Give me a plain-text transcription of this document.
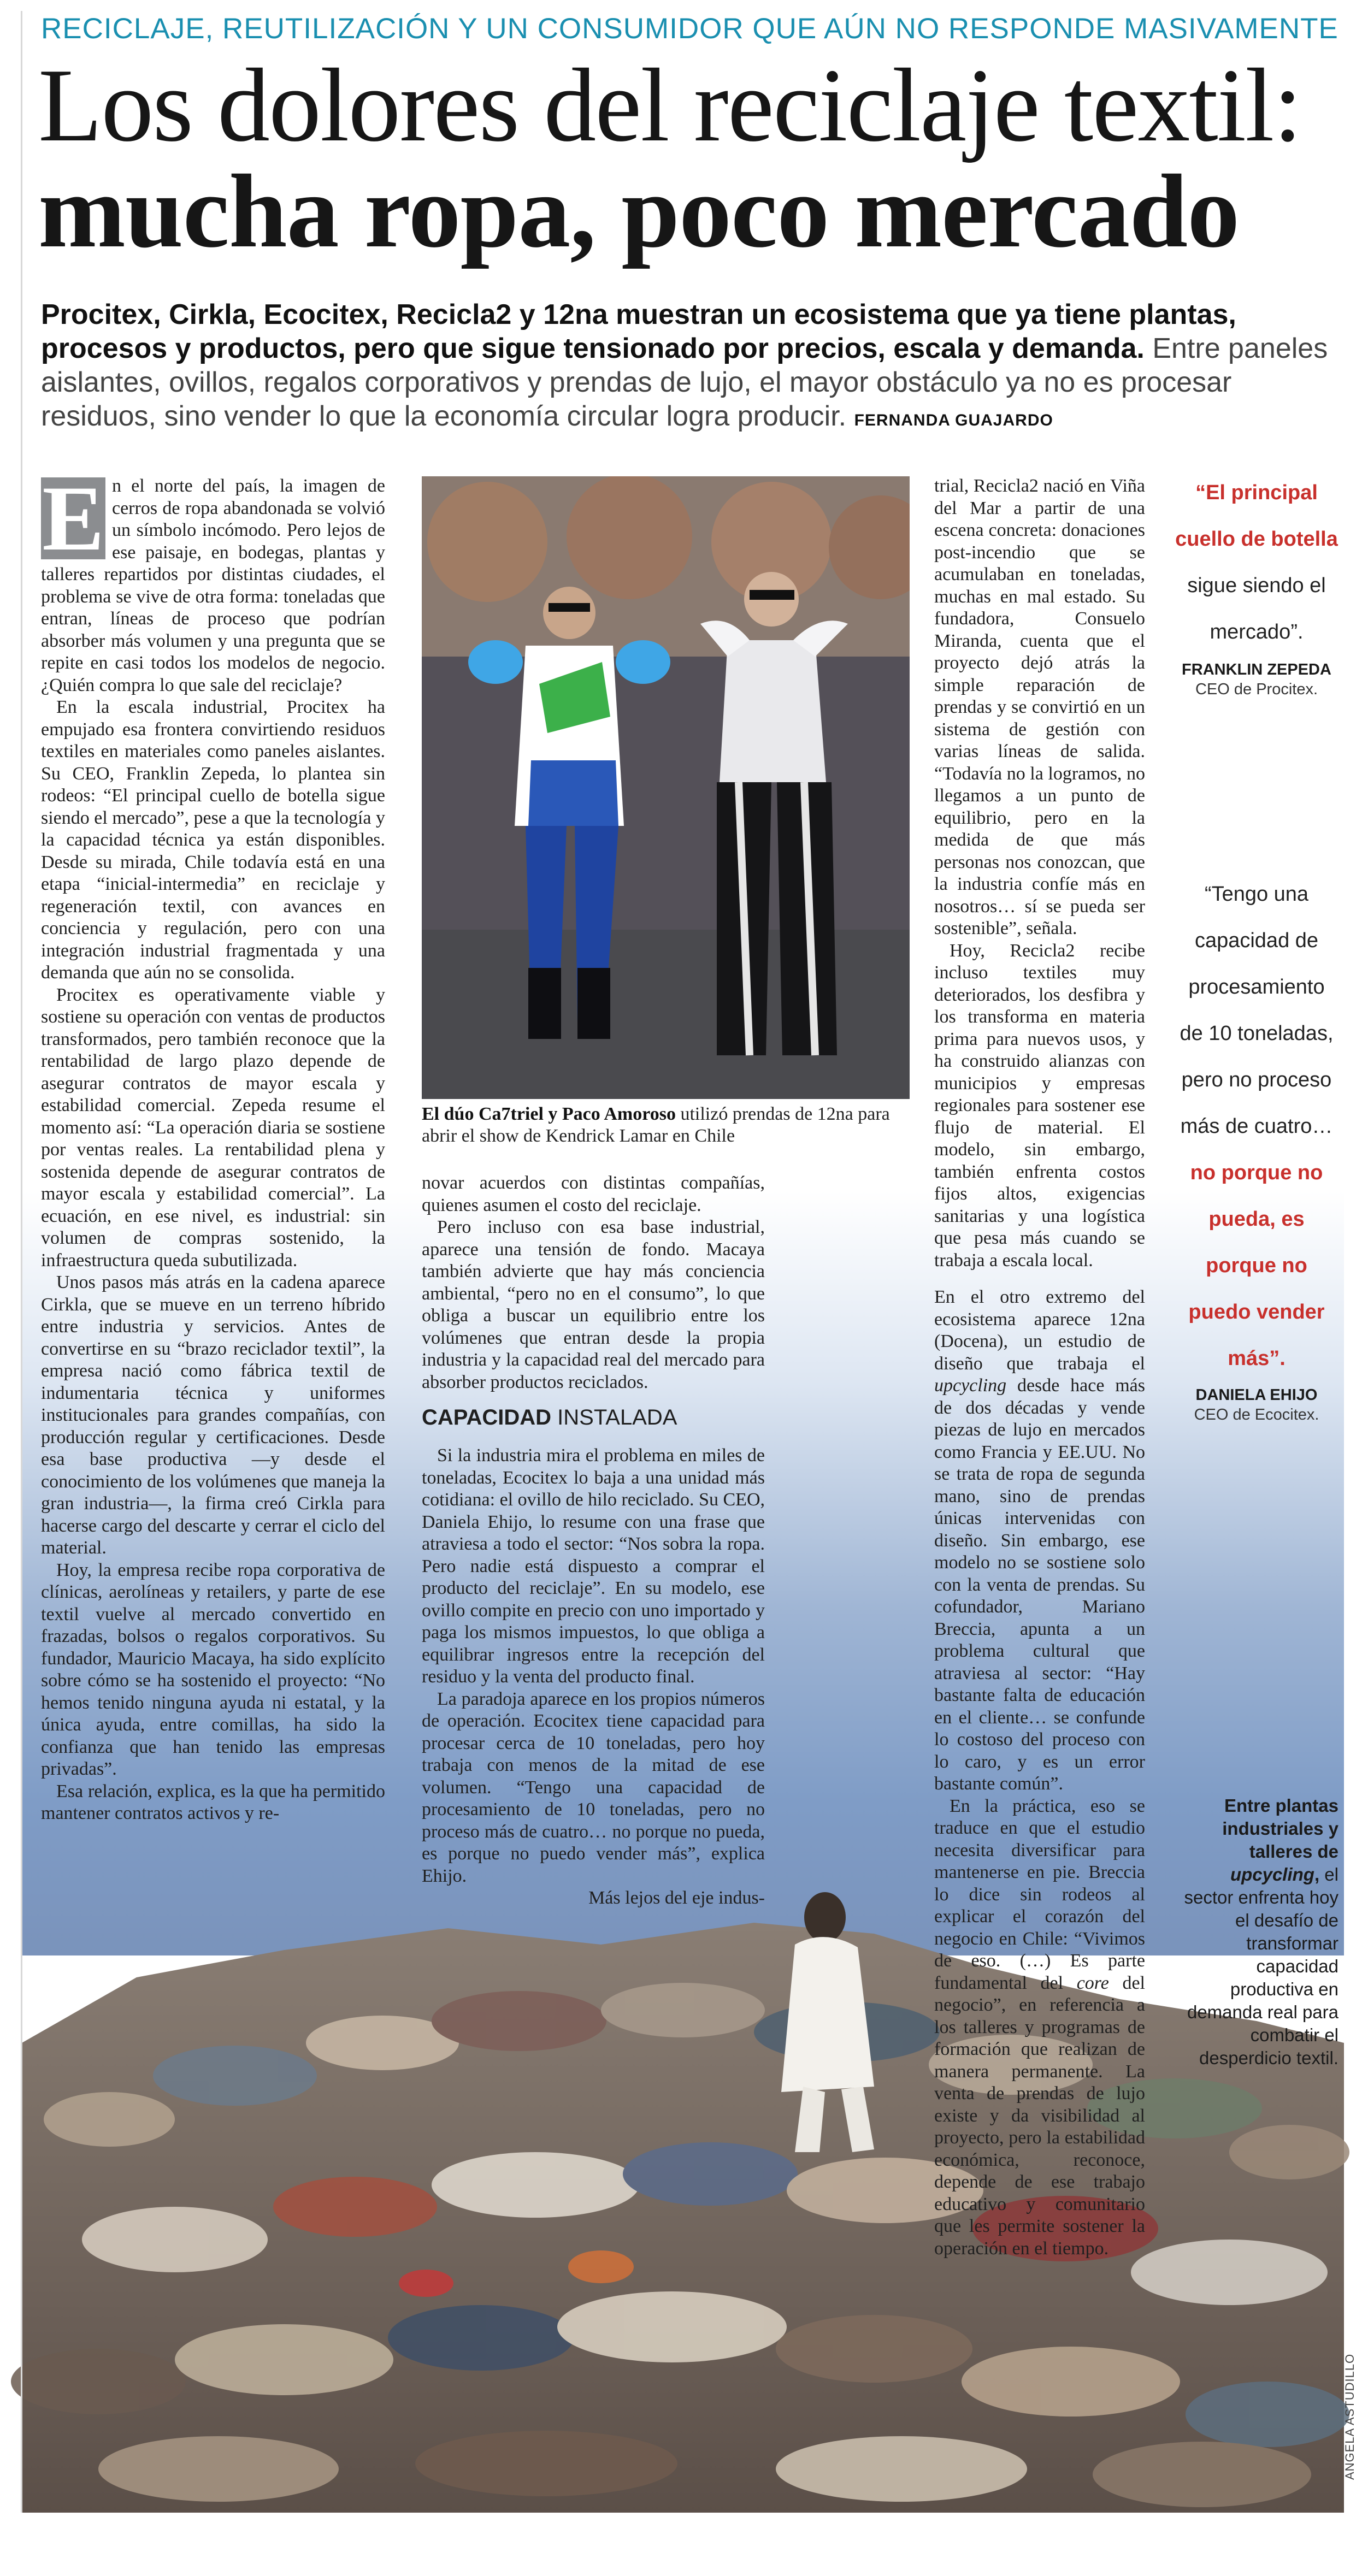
RECICLAJE, REUTILIZACIÓN Y UN CONSUMIDOR QUE AÚN NO RESPONDE MASIVAMENTE
Los dolores del reciclaje textil:
mucha ropa, poco mercado
Procitex, Cirkla, Ecocitex, Recicla2 y 12na muestran un ecosistema que ya tiene plantas, procesos y productos, pero que sigue tensionado por precios, escala y demanda. Entre paneles aislantes, ovillos, regalos corporativos y prendas de lujo, el mayor obstáculo ya no es procesar residuos, sino vender lo que la economía circular logra producir. FERNANDA GUAJARDO

E n el norte del país, la imagen de cerros de ropa abandonada se volvió un símbolo incómodo. Pero lejos de ese paisaje, en bodegas, plantas y talleres repartidos por distintas ciudades, el problema se vive de otra forma: toneladas que entran, líneas de proceso que podrían absorber más volumen y una pregunta que se repite en casi todos los modelos de negocio. ¿Quién compra lo que sale del reciclaje?

En la escala industrial, Procitex ha empujado esa frontera convirtiendo residuos textiles en materiales como paneles aislantes. Su CEO, Franklin Zepeda, lo plantea sin rodeos: “El principal cuello de botella sigue siendo el mercado”, pese a que la tecnología y la capacidad técnica ya están disponibles. Desde su mirada, Chile todavía está en una etapa “inicial-intermedia” en reciclaje y regeneración textil, con avances en conciencia y regulación, pero con una integración industrial fragmentada y una demanda que aún no se consolida.

Procitex es operativamente viable y sostiene su operación con ventas de productos transformados, pero también reconoce que la rentabilidad de largo plazo depende de asegurar contratos de mayor escala y estabilidad comercial. Zepeda resume el momento así: “La operación diaria se sostiene por ventas reales. La rentabilidad plena y sostenida depende de asegurar contratos de mayor escala y estabilidad comercial”. La ecuación, en ese nivel, es industrial: sin volumen de compras sostenido, la infraestructura queda subutilizada.

Unos pasos más atrás en la cadena aparece Cirkla, que se mueve en un terreno híbrido entre industria y servicios. Antes de convertirse en su “brazo reciclador textil”, la empresa nació como fábrica textil de indumentaria técnica y uniformes institucionales para grandes compañías, con producción regular y certificaciones. Desde esa base productiva —y desde el conocimiento de los volúmenes que maneja la gran industria—, la firma creó Cirkla para hacerse cargo del descarte y cerrar el ciclo del material.

Hoy, la empresa recibe ropa corporativa de clínicas, aerolíneas y retailers, y parte de ese textil vuelve al mercado convertido en frazadas, bolsos o regalos corporativos. Su fundador, Mauricio Macaya, ha sido explícito sobre cómo se ha sostenido el proyecto: “No hemos tenido ninguna ayuda ni estatal, y la única ayuda, entre comillas, ha sido la confianza que han tenido las empresas privadas”.

Esa relación, explica, es la que ha permitido mantener contratos activos y re-

El dúo Ca7triel y Paco Amoroso utilizó prendas de 12na para abrir el show de Kendrick Lamar en Chile

novar acuerdos con distintas compañías, quienes asumen el costo del reciclaje.

Pero incluso con esa base industrial, aparece una tensión de fondo. Macaya también advierte que hay más conciencia ambiental, “pero no en el consumo”, lo que obliga a buscar un equilibrio entre los volúmenes que entran desde la propia industria y la capacidad real del mercado para absorber productos reciclados.

CAPACIDAD INSTALADA

Si la industria mira el problema en miles de toneladas, Ecocitex lo baja a una unidad más cotidiana: el ovillo de hilo reciclado. Su CEO, Daniela Ehijo, lo resume con una frase que atraviesa a todo el sector: “Nos sobra la ropa. Pero nadie está dispuesto a comprar el producto del reciclaje”. En su modelo, ese ovillo compite en precio con uno importado y paga los mismos impuestos, lo que obliga a equilibrar ingresos entre la recepción del residuo y la venta del producto final.

La paradoja aparece en los propios números de operación. Ecocitex tiene capacidad para procesar cerca de 10 toneladas, pero hoy trabaja con menos de la mitad de ese volumen. “Tengo una capacidad de procesamiento de 10 toneladas, pero no proceso más de cuatro… no porque no pueda, es porque no puedo vender más”, explica Ehijo.

Más lejos del eje indus-

trial, Recicla2 nació en Viña del Mar a partir de una escena concreta: donaciones post-incendio que se acumulaban en toneladas, muchas en mal estado. Su fundadora, Consuelo Miranda, cuenta que el proyecto dejó atrás la simple reparación de prendas y se convirtió en un sistema de gestión con varias líneas de salida. “Todavía no la logramos, no llegamos a un punto de equilibrio, pero en la medida de que más personas nos conozcan, que la industria confíe más en nosotros… sí se pueda ser sostenible”, señala.

Hoy, Recicla2 recibe incluso textiles muy deteriorados, los desfibra y los transforma en materia prima para nuevos usos, y ha construido alianzas con municipios y empresas regionales para sostener ese flujo de material. El modelo, sin embargo, también enfrenta costos fijos altos, exigencias sanitarias y una logística que pesa más cuando se trabaja a escala local.

En el otro extremo del ecosistema aparece 12na (Docena), un estudio de diseño que trabaja el upcycling desde hace más de dos décadas y vende piezas de lujo en mercados como Francia y EE.UU. No se trata de ropa de segunda mano, sino de prendas únicas intervenidas con diseño. Sin embargo, ese modelo no se sostiene solo con la venta de prendas. Su cofundador, Mariano Breccia, apunta a un problema cultural que atraviesa al sector: “Hay bastante falta de educación en el cliente… se confunde lo costoso del proceso con lo caro, y es un error bastante común”.

En la práctica, eso se traduce en que el estudio necesita diversificar para mantenerse en pie. Breccia lo dice sin rodeos al explicar el corazón del negocio en Chile: “Vivimos de eso. (…) Es parte fundamental del core del negocio”, en referencia a los talleres y programas de formación que realizan de manera permanente. La venta de prendas de lujo existe y da visibilidad al proyecto, pero la estabilidad económica, reconoce, depende de ese trabajo educativo y comunitario que les permite sostener la operación en el tiempo.

“El principal cuello de botella sigue siendo el mercado”.
FRANKLIN ZEPEDA
CEO de Procitex.
“Tengo una capacidad de procesamiento de 10 toneladas, pero no proceso más de cuatro… no porque no pueda, es porque no puedo vender más”.
DANIELA EHIJO
CEO de Ecocitex.
Entre plantas industriales y talleres de upcycling, el sector enfrenta hoy el desafío de transformar capacidad productiva en demanda real para combatir el desperdicio textil.
ANGELA ASTUDILLO
